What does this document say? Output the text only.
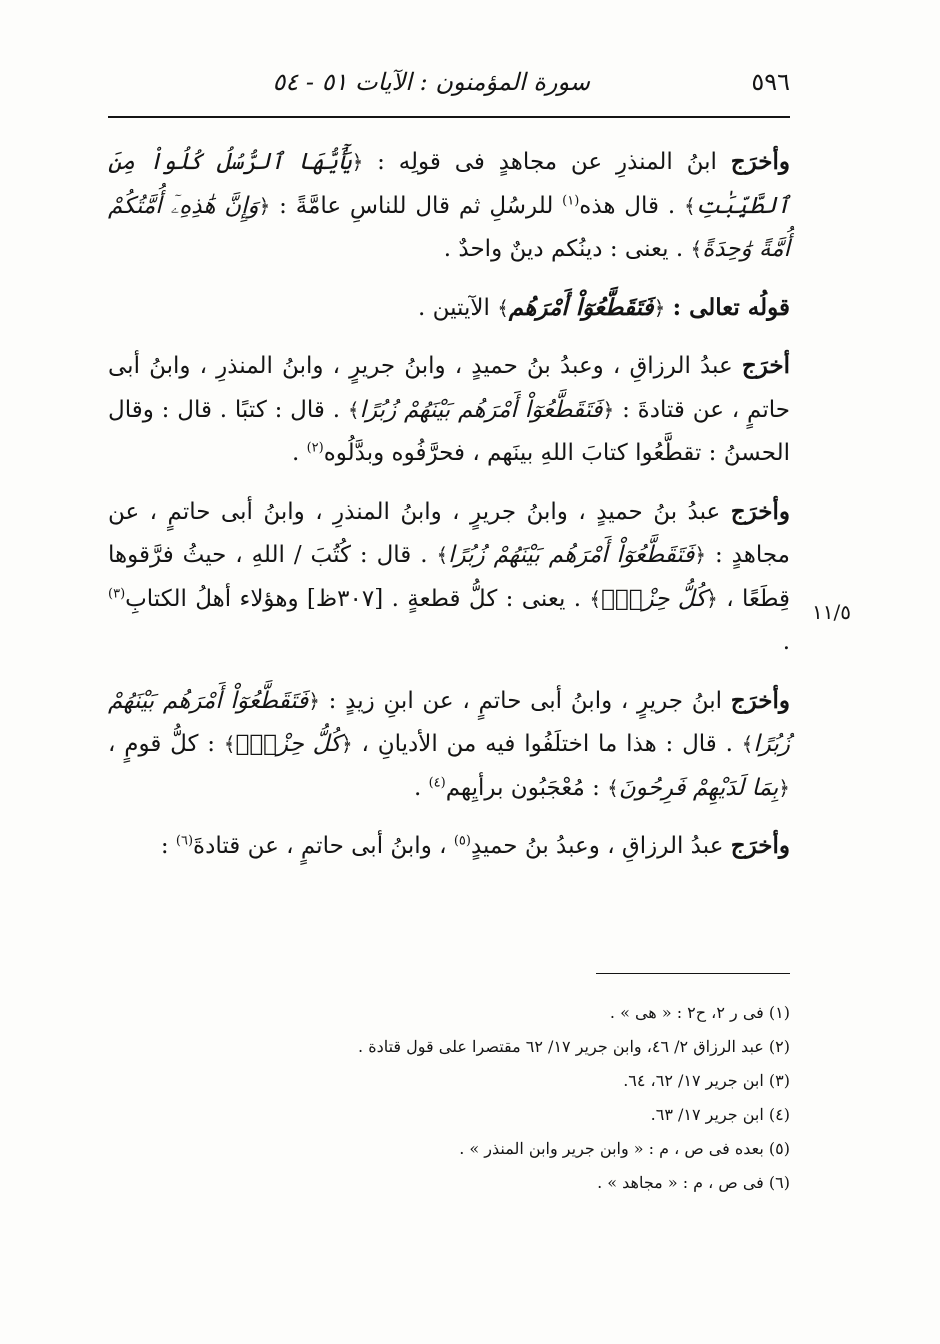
٥٩٦
سورة المؤمنون : الآيات ٥١ - ٥٤
١١/٥

وأخرَج ابنُ المنذرِ عن مجاهدٍ فى قولِه : ﴿يَٰٓأَيُّهَا ٱلرُّسُلُ كُلُواْ مِنَ ٱلطَّيِّبَٰتِ﴾ . قال هذه$^{(١)}$ للرسُلِ ثم قال للناسِ عامَّةً : ﴿وَإِنَّ هَٰذِهِۦٓ أُمَّتُكُمْ أُمَّةً وَٰحِدَةً﴾ . يعنى : دينُكم دينٌ واحدٌ .

قولُه تعالى : ﴿فَتَقَطَّعُوٓاْ أَمْرَهُم﴾ الآيتين .

أخرَج عبدُ الرزاقِ ، وعبدُ بنُ حميدٍ ، وابنُ جريرٍ ، وابنُ المنذرِ ، وابنُ أبى حاتمٍ ، عن قتادةَ : ﴿فَتَقَطَّعُوٓاْ أَمْرَهُم بَيْنَهُمْ زُبُرًا﴾ . قال : كتبًا . قال : وقال الحسنُ : تقطَّعُوا كتابَ اللهِ بينَهم ، فحرَّفُوه وبدَّلُوه$^{(٢)}$ .

وأخرَج عبدُ بنُ حميدٍ ، وابنُ جريرٍ ، وابنُ المنذرِ ، وابنُ أبى حاتمٍ ، عن مجاهدٍ : ﴿فَتَقَطَّعُوٓاْ أَمْرَهُم بَيْنَهُمْ زُبُرًا﴾ . قال : كُتُبَ / اللهِ ، حيثُ فرَّقوها قِطَعًا ، ﴿كُلُّ حِزْبٍۢ﴾ . يعنى : كلُّ قطعةٍ . [٣٠٧ظ] وهؤلاء أهلُ الكتابِ$^{(٣)}$ .

وأخرَج ابنُ جريرٍ ، وابنُ أبى حاتمٍ ، عن ابنِ زيدٍ : ﴿فَتَقَطَّعُوٓاْ أَمْرَهُم بَيْنَهُمْ زُبُرًا﴾ . قال : هذا ما اختلَفُوا فيه من الأديانِ ، ﴿كُلُّ حِزْبٍۢ﴾ : كلُّ قومٍ ، ﴿بِمَا لَدَيْهِمْ فَرِحُونَ﴾ : مُعْجَبُون برأيِهم$^{(٤)}$ .

وأخرَج عبدُ الرزاقِ ، وعبدُ بنُ حميدٍ$^{(٥)}$ ، وابنُ أبى حاتمٍ ، عن قتادةَ$^{(٦)}$ :

(١) فى ر ٢، ح٢ : « هى » .

(٢) عبد الرزاق ٢/ ٤٦، وابن جرير ١٧/ ٦٢ مقتصرا على قول قتادة .

(٣) ابن جرير ١٧/ ٦٢، ٦٤.

(٤) ابن جرير ١٧/ ٦٣.

(٥) بعده فى ص ، م : « وابن جرير وابن المنذر » .

(٦) فى ص ، م : « مجاهد » .
